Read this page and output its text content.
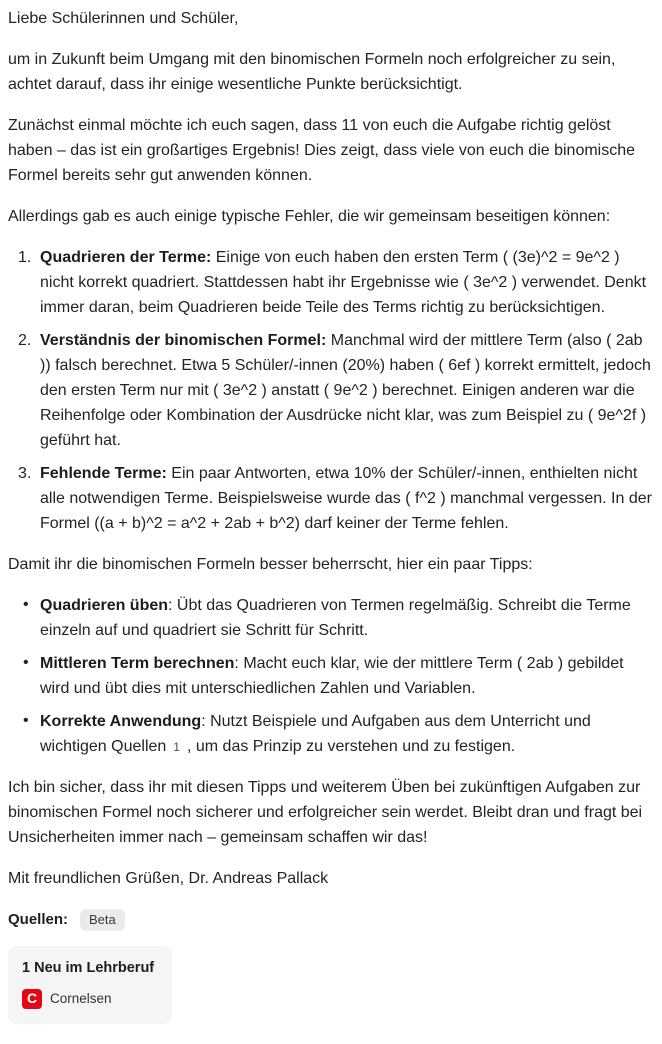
Liebe Schülerinnen und Schüler,

um in Zukunft beim Umgang mit den binomischen Formeln noch erfolgreicher zu sein, achtet darauf, dass ihr einige wesentliche Punkte berücksichtigt.

Zunächst einmal möchte ich euch sagen, dass 11 von euch die Aufgabe richtig gelöst haben – das ist ein großartiges Ergebnis! Dies zeigt, dass viele von euch die binomische Formel bereits sehr gut anwenden können.

Allerdings gab es auch einige typische Fehler, die wir gemeinsam beseitigen können:

1. Quadrieren der Terme: Einige von euch haben den ersten Term ( (3e)^2 = 9e^2 ) nicht korrekt quadriert. Stattdessen habt ihr Ergebnisse wie ( 3e^2 ) verwendet. Denkt immer daran, beim Quadrieren beide Teile des Terms richtig zu berücksichtigen.
2. Verständnis der binomischen Formel: Manchmal wird der mittlere Term (also ( 2ab )) falsch berechnet. Etwa 5 Schüler/-innen (20%) haben ( 6ef ) korrekt ermittelt, jedoch den ersten Term nur mit ( 3e^2 ) anstatt ( 9e^2 ) berechnet. Einigen anderen war die Reihenfolge oder Kombination der Ausdrücke nicht klar, was zum Beispiel zu ( 9e^2f ) geführt hat.
3. Fehlende Terme: Ein paar Antworten, etwa 10% der Schüler/-innen, enthielten nicht alle notwendigen Terme. Beispielsweise wurde das ( f^2 ) manchmal vergessen. In der Formel ((a + b)^2 = a^2 + 2ab + b^2) darf keiner der Terme fehlen.

Damit ihr die binomischen Formeln besser beherrscht, hier ein paar Tipps:

• Quadrieren üben: Übt das Quadrieren von Termen regelmäßig. Schreibt die Terme einzeln auf und quadriert sie Schritt für Schritt.
• Mittleren Term berechnen: Macht euch klar, wie der mittlere Term ( 2ab ) gebildet wird und übt dies mit unterschiedlichen Zahlen und Variablen.
• Korrekte Anwendung: Nutzt Beispiele und Aufgaben aus dem Unterricht und wichtigen Quellen 1 , um das Prinzip zu verstehen und zu festigen.

Ich bin sicher, dass ihr mit diesen Tipps und weiterem Üben bei zukünftigen Aufgaben zur binomischen Formel noch sicherer und erfolgreicher sein werdet. Bleibt dran und fragt bei Unsicherheiten immer nach – gemeinsam schaffen wir das!

Mit freundlichen Grüßen, Dr. Andreas Pallack

Quellen:	Beta
1 Neu im Lehrberuf
C Cornelsen
